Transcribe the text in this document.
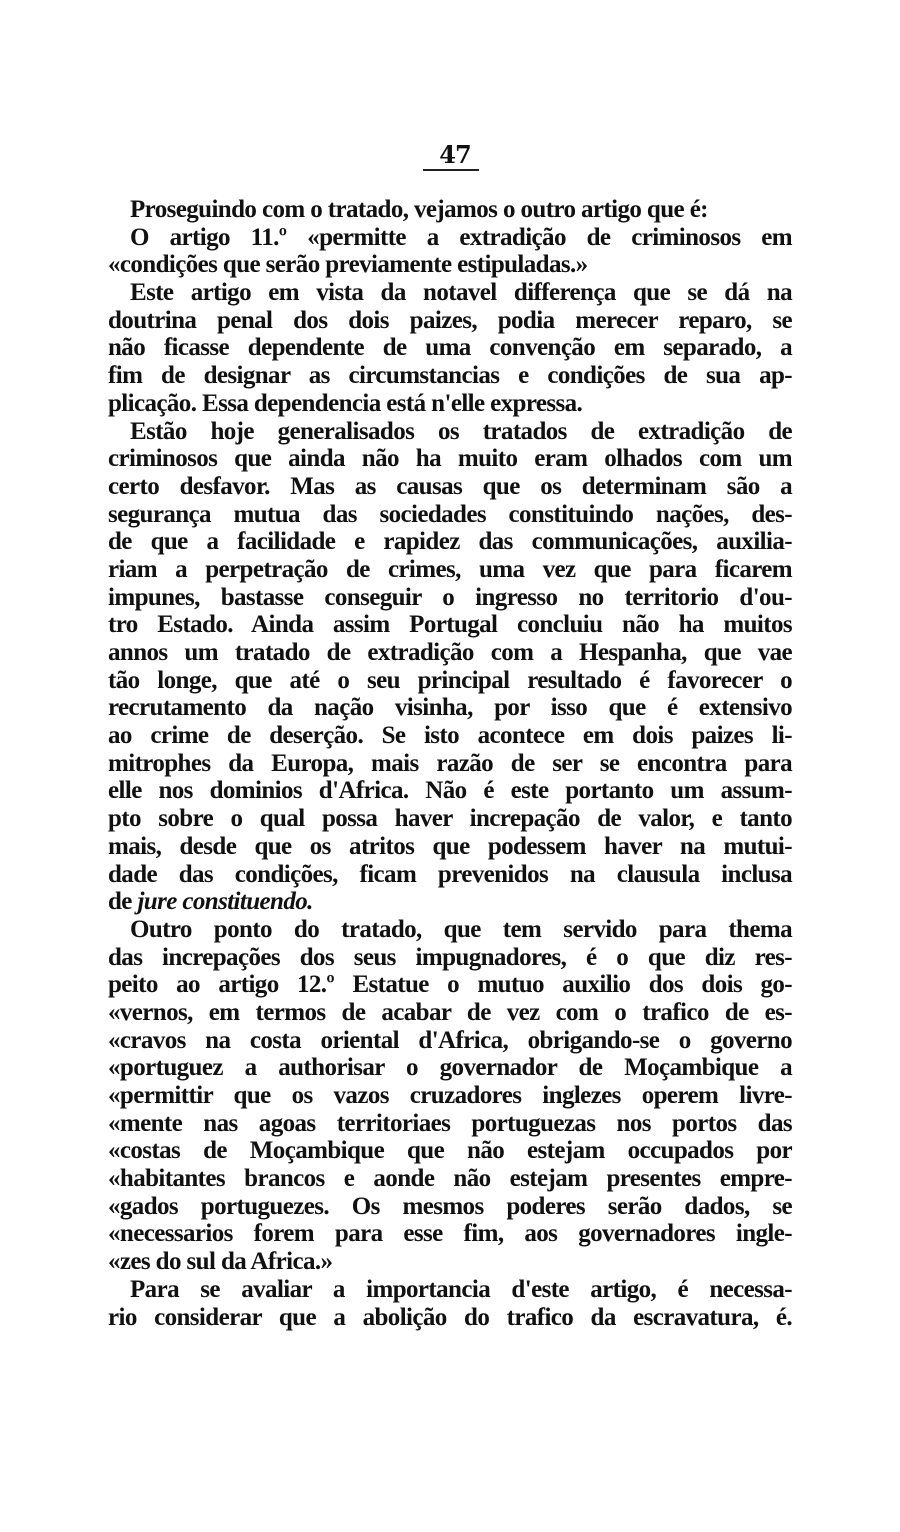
47
Proseguindo com o tratado, vejamos o outro artigo que é:
O artigo 11.º «permitte a extradição de criminosos em
«condições que serão previamente estipuladas.»
Este artigo em vista da notavel differença que se dá na
doutrina penal dos dois paizes, podia merecer reparo, se
não ficasse dependente de uma convenção em separado, a
fim de designar as circumstancias e condições de sua ap-
plicação. Essa dependencia está n'elle expressa.
Estão hoje generalisados os tratados de extradição de
criminosos que ainda não ha muito eram olhados com um
certo desfavor. Mas as causas que os determinam são a
segurança mutua das sociedades constituindo nações, des-
de que a facilidade e rapidez das communicações, auxilia-
riam a perpetração de crimes, uma vez que para ficarem
impunes, bastasse conseguir o ingresso no territorio d'ou-
tro Estado. Ainda assim Portugal concluiu não ha muitos
annos um tratado de extradição com a Hespanha, que vae
tão longe, que até o seu principal resultado é favorecer o
recrutamento da nação visinha, por isso que é extensivo
ao crime de deserção. Se isto acontece em dois paizes li-
mitrophes da Europa, mais razão de ser se encontra para
elle nos dominios d'Africa. Não é este portanto um assum-
pto sobre o qual possa haver increpação de valor, e tanto
mais, desde que os atritos que podessem haver na mutui-
dade das condições, ficam prevenidos na clausula inclusa
de jure constituendo.
Outro ponto do tratado, que tem servido para thema
das increpações dos seus impugnadores, é o que diz res-
peito ao artigo 12.º Estatue o mutuo auxilio dos dois go-
«vernos, em termos de acabar de vez com o trafico de es-
«cravos na costa oriental d'Africa, obrigando-se o governo
«portuguez a authorisar o governador de Moçambique a
«permittir que os vazos cruzadores inglezes operem livre-
«mente nas agoas territoriaes portuguezas nos portos das
«costas de Moçambique que não estejam occupados por
«habitantes brancos e aonde não estejam presentes empre-
«gados portuguezes. Os mesmos poderes serão dados, se
«necessarios forem para esse fim, aos governadores ingle-
«zes do sul da Africa.»
Para se avaliar a importancia d'este artigo, é necessa-
rio considerar que a abolição do trafico da escravatura, é.
